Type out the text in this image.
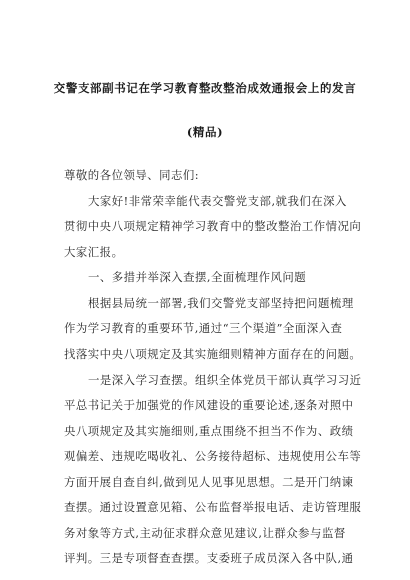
交警支部副书记在学习教育整改整治成效通报会上的发言
(精品)
尊敬的各位领导、同志们:
大家好!非常荣幸能代表交警党支部,就我们在深入
贯彻中央八项规定精神学习教育中的整改整治工作情况向
大家汇报。
一、多措并举深入查摆,全面梳理作风问题
根据县局统一部署,我们交警党支部坚持把问题梳理
作为学习教育的重要环节,通过“三个渠道”全面深入查
找落实中央八项规定及其实施细则精神方面存在的问题。
一是深入学习查摆。组织全体党员干部认真学习习近
平总书记关于加强党的作风建设的重要论述,逐条对照中
央八项规定及其实施细则,重点围绕不担当不作为、政绩
观偏差、违规吃喝收礼、公务接待超标、违规使用公车等
方面开展自查自纠,做到见人见事见思想。二是开门纳谏
查摆。通过设置意见箱、公布监督举报电话、走访管理服
务对象等方式,主动征求群众意见建议,让群众参与监督
评判。三是专项督查查摆。支委班子成员深入各中队,通
